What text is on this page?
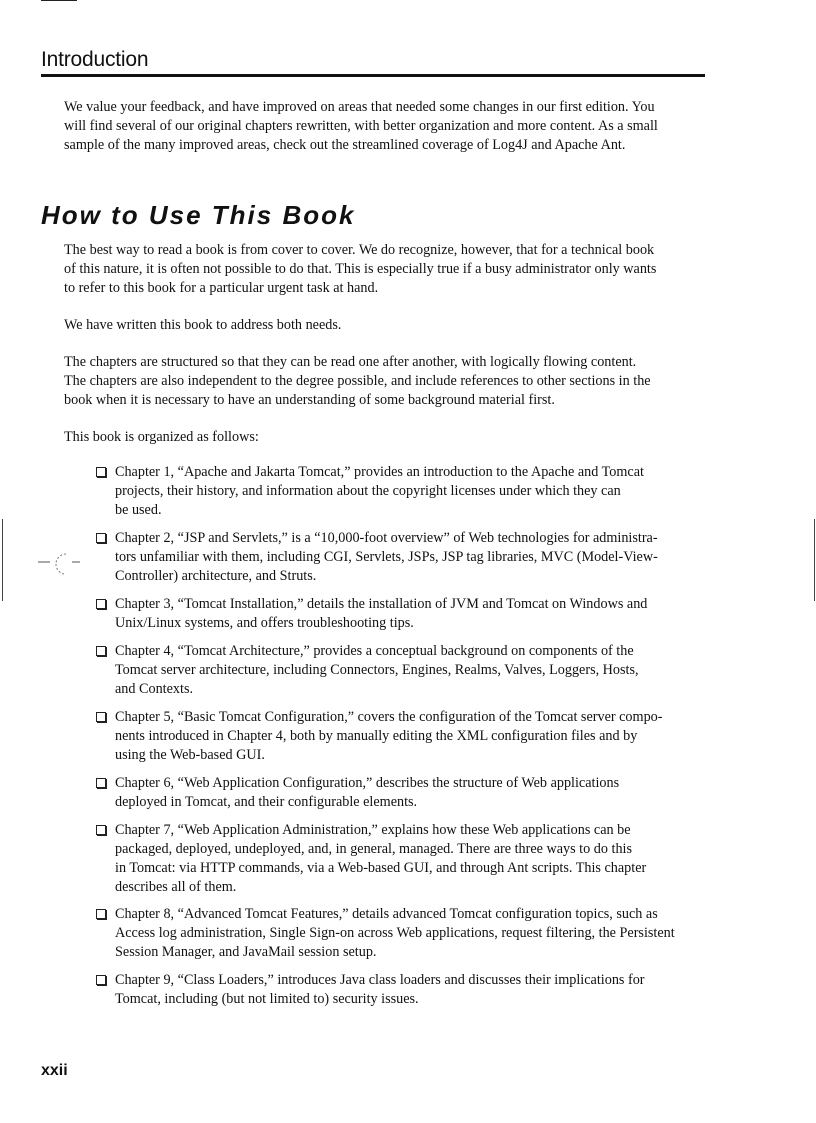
Introduction

We value your feedback, and have improved on areas that needed some changes in our first edition. You
will find several of our original chapters rewritten, with better organization and more content. As a small
sample of the many improved areas, check out the streamlined coverage of Log4J and Apache Ant.

How to Use This Book

The best way to read a book is from cover to cover. We do recognize, however, that for a technical book
of this nature, it is often not possible to do that. This is especially true if a busy administrator only wants
to refer to this book for a particular urgent task at hand.

We have written this book to address both needs.

The chapters are structured so that they can be read one after another, with logically flowing content.
The chapters are also independent to the degree possible, and include references to other sections in the
book when it is necessary to have an understanding of some background material first.

This book is organized as follows:

Chapter 1, “Apache and Jakarta Tomcat,” provides an introduction to the Apache and Tomcat
projects, their history, and information about the copyright licenses under which they can
be used.
Chapter 2, “JSP and Servlets,” is a “10,000-foot overview” of Web technologies for administra-
tors unfamiliar with them, including CGI, Servlets, JSPs, JSP tag libraries, MVC (Model-View-
Controller) architecture, and Struts.
Chapter 3, “Tomcat Installation,” details the installation of JVM and Tomcat on Windows and
Unix/Linux systems, and offers troubleshooting tips.
Chapter 4, “Tomcat Architecture,” provides a conceptual background on components of the
Tomcat server architecture, including Connectors, Engines, Realms, Valves, Loggers, Hosts,
and Contexts.
Chapter 5, “Basic Tomcat Configuration,” covers the configuration of the Tomcat server compo-
nents introduced in Chapter 4, both by manually editing the XML configuration files and by
using the Web-based GUI.
Chapter 6, “Web Application Configuration,” describes the structure of Web applications
deployed in Tomcat, and their configurable elements.
Chapter 7, “Web Application Administration,” explains how these Web applications can be
packaged, deployed, undeployed, and, in general, managed. There are three ways to do this
in Tomcat: via HTTP commands, via a Web-based GUI, and through Ant scripts. This chapter
describes all of them.
Chapter 8, “Advanced Tomcat Features,” details advanced Tomcat configuration topics, such as
Access log administration, Single Sign-on across Web applications, request filtering, the Persistent
Session Manager, and JavaMail session setup.
Chapter 9, “Class Loaders,” introduces Java class loaders and discusses their implications for
Tomcat, including (but not limited to) security issues.
xxii
